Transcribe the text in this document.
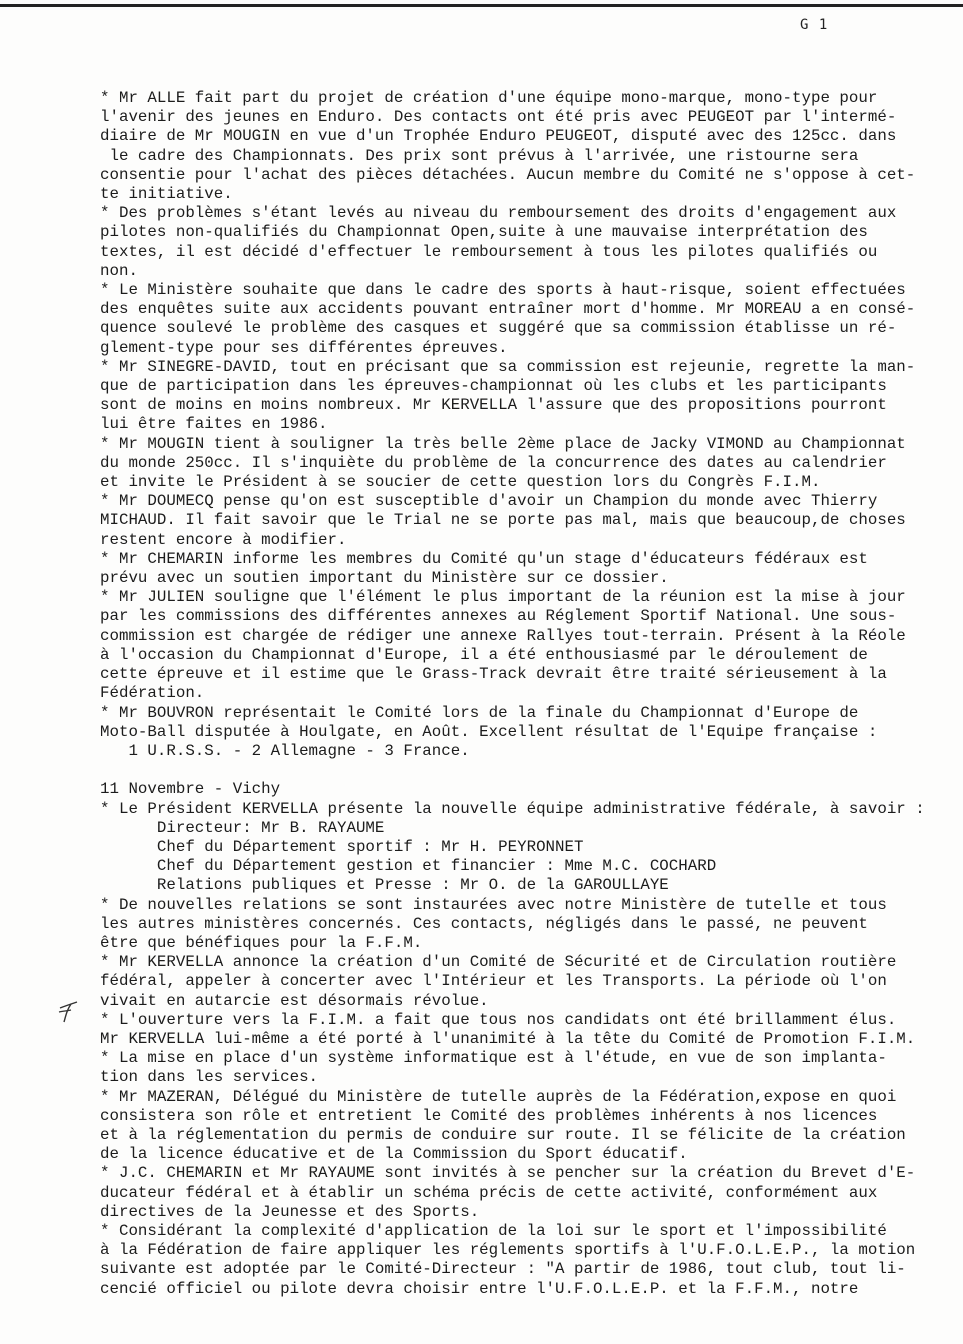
G 1
* Mr ALLE fait part du projet de création d'une équipe mono-marque, mono-type pour
l'avenir des jeunes en Enduro. Des contacts ont été pris avec PEUGEOT par l'intermé-
diaire de Mr MOUGIN en vue d'un Trophée Enduro PEUGEOT, disputé avec des 125cc. dans
le cadre des Championnats. Des prix sont prévus à l'arrivée, une ristourne sera
consentie pour l'achat des pièces détachées. Aucun membre du Comité ne s'oppose à cet-
te initiative.
* Des problèmes s'étant levés au niveau du remboursement des droits d'engagement aux
pilotes non-qualifiés du Championnat Open,suite à une mauvaise interprétation des
textes, il est décidé d'effectuer le remboursement à tous les pilotes qualifiés ou
non.
* Le Ministère souhaite que dans le cadre des sports à haut-risque, soient effectuées
des enquêtes suite aux accidents pouvant entraîner mort d'homme. Mr MOREAU a en consé-
quence soulevé le problème des casques et suggéré que sa commission établisse un ré-
glement-type pour ses différentes épreuves.
* Mr SINEGRE-DAVID, tout en précisant que sa commission est rejeunie, regrette la man-
que de participation dans les épreuves-championnat où les clubs et les participants
sont de moins en moins nombreux. Mr KERVELLA l'assure que des propositions pourront
lui être faites en 1986.
* Mr MOUGIN tient à souligner la très belle 2ème place de Jacky VIMOND au Championnat
du monde 250cc. Il s'inquiète du problème de la concurrence des dates au calendrier
et invite le Président à se soucier de cette question lors du Congrès F.I.M.
* Mr DOUMECQ pense qu'on est susceptible d'avoir un Champion du monde avec Thierry
MICHAUD. Il fait savoir que le Trial ne se porte pas mal, mais que beaucoup,de choses
restent encore à modifier.
* Mr CHEMARIN informe les membres du Comité qu'un stage d'éducateurs fédéraux est
prévu avec un soutien important du Ministère sur ce dossier.
* Mr JULIEN souligne que l'élément le plus important de la réunion est la mise à jour
par les commissions des différentes annexes au Réglement Sportif National. Une sous-
commission est chargée de rédiger une annexe Rallyes tout-terrain. Présent à la Réole
à l'occasion du Championnat d'Europe, il a été enthousiasmé par le déroulement de
cette épreuve et il estime que le Grass-Track devrait être traité sérieusement à la
Fédération.
* Mr BOUVRON représentait le Comité lors de la finale du Championnat d'Europe de
Moto-Ball disputée à Houlgate, en Août. Excellent résultat de l'Equipe française :
1 U.R.S.S. - 2 Allemagne - 3 France.
11 Novembre - Vichy
* Le Président KERVELLA présente la nouvelle équipe administrative fédérale, à savoir :
Directeur: Mr B. RAYAUME
Chef du Département sportif : Mr H. PEYRONNET
Chef du Département gestion et financier : Mme M.C. COCHARD
Relations publiques et Presse : Mr O. de la GAROULLAYE
* De nouvelles relations se sont instaurées avec notre Ministère de tutelle et tous
les autres ministères concernés. Ces contacts, négligés dans le passé, ne peuvent
être que bénéfiques pour la F.F.M.
* Mr KERVELLA annonce la création d'un Comité de Sécurité et de Circulation routière
fédéral, appeler à concerter avec l'Intérieur et les Transports. La période où l'on
vivait en autarcie est désormais révolue.
* L'ouverture vers la F.I.M. a fait que tous nos candidats ont été brillamment élus.
Mr KERVELLA lui-même a été porté à l'unanimité à la tête du Comité de Promotion F.I.M.
* La mise en place d'un système informatique est à l'étude, en vue de son implanta-
tion dans les services.
* Mr MAZERAN, Délégué du Ministère de tutelle auprès de la Fédération,expose en quoi
consistera son rôle et entretient le Comité des problèmes inhérents à nos licences
et à la réglementation du permis de conduire sur route. Il se félicite de la création
de la licence éducative et de la Commission du Sport éducatif.
* J.C. CHEMARIN et Mr RAYAUME sont invités à se pencher sur la création du Brevet d'E-
ducateur fédéral et à établir un schéma précis de cette activité, conformément aux
directives de la Jeunesse et des Sports.
* Considérant la complexité d'application de la loi sur le sport et l'impossibilité
à la Fédération de faire appliquer les réglements sportifs à l'U.F.O.L.E.P., la motion
suivante est adoptée par le Comité-Directeur : "A partir de 1986, tout club, tout li-
cencié officiel ou pilote devra choisir entre l'U.F.O.L.E.P. et la F.F.M., notre
